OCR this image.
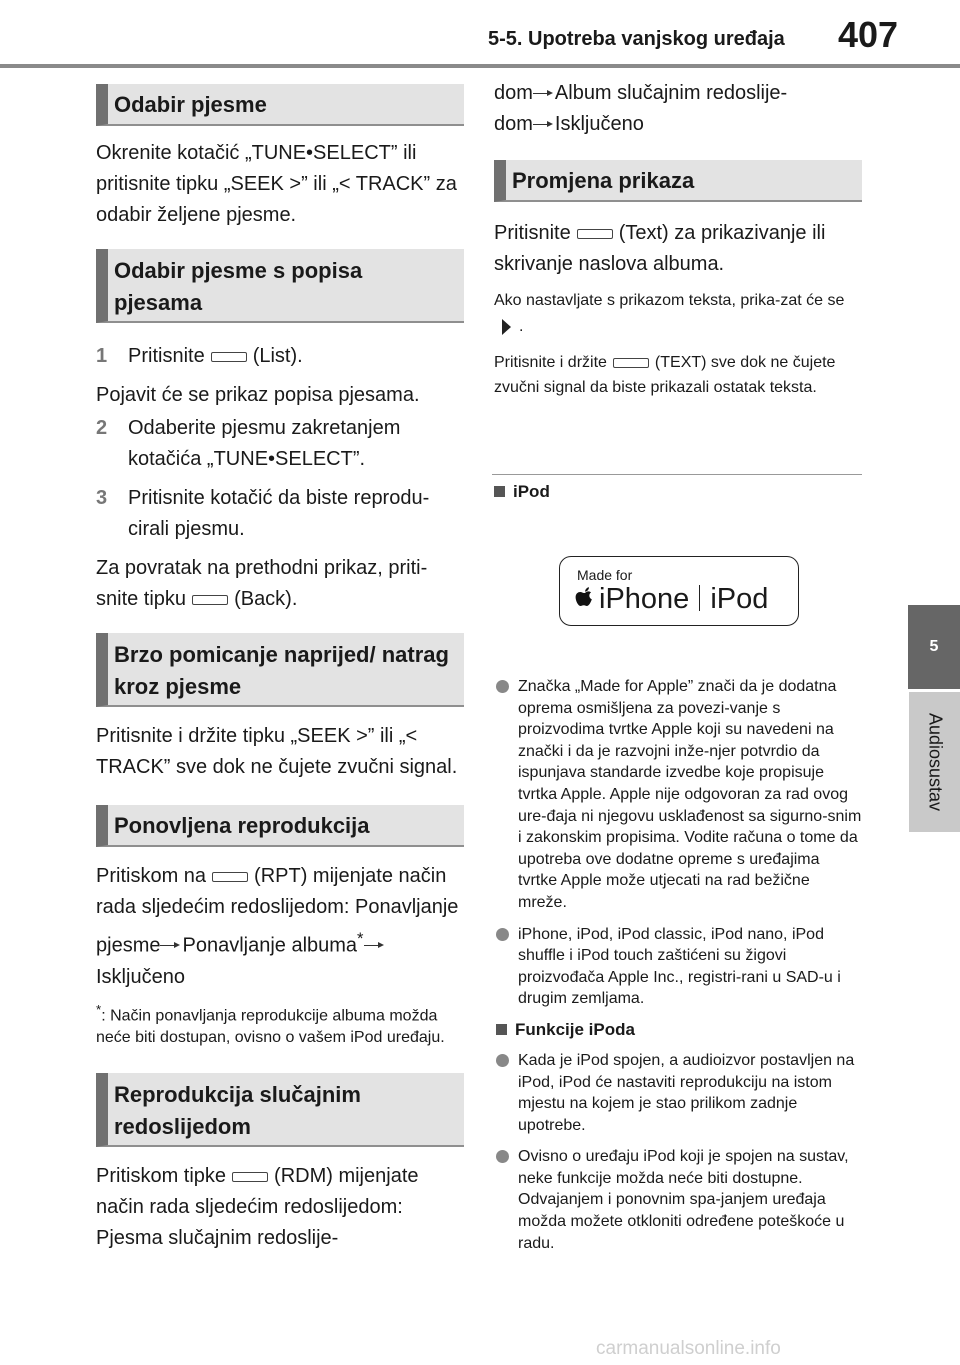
5-5. Upotreba vanjskog uređaja 407
5
Audiosustav
Odabir pjesme

Okrenite kotačić „TUNE•SELECT” ili pritisnite tipku „SEEK >” ili „< TRACK” za odabir željene pjesme.

Odabir pjesme s popisa pjesama
1 Pritisnite (List).

Pojavit će se prikaz popisa pjesama.

2 Odaberite pjesmu zakretanjem kotačića „TUNE•SELECT”.
3 Pritisnite kotačić da biste reprodu-cirali pjesmu.

Za povratak na prethodni prikaz, priti-snite tipku (Back).

Brzo pomicanje naprijed/ natrag kroz pjesme

Pritisnite i držite tipku „SEEK >” ili „< TRACK” sve dok ne čujete zvučni signal.

Ponovljena reprodukcija

Pritiskom na (RPT) mijenjate način rada sljedećim redoslijedom: Ponavljanje pjesme Ponavljanje albuma*Isključeno

*: Način ponavljanja reprodukcije albuma možda neće biti dostupan, ovisno o vašem iPod uređaju.
Reprodukcija slučajnim redoslijedom

Pritiskom tipke (RDM) mijenjate način rada sljedećim redoslijedom: Pjesma slučajnim redoslije-

dom Album slučajnim redoslije-
dom Isključeno

Promjena prikaza

Pritisnite (Text) za prikazivanje ili skrivanje naslova albuma.

Ako nastavljate s prikazom teksta, prika-zat će se .

Pritisnite i držite	(TEXT) sve dok ne čujete zvučni signal da biste prikazali ostatak teksta.

iPod
Made for
iPhone iPod
Značka „Made for Apple” znači da je dodatna oprema osmišljena za povezi-vanje s proizvodima tvrtke Apple koji su navedeni na znački i da je razvojni inže-njer potvrdio da ispunjava standarde izvedbe koje propisuje tvrtka Apple. Apple nije odgovoran za rad ovog ure-đaja ni njegovu usklađenost sa sigurno-snim i zakonskim propisima. Vodite računa o tome da upotreba ove dodatne opreme s uređajima tvrtke Apple može utjecati na rad bežične mreže.
iPhone, iPod, iPod classic, iPod nano, iPod shuffle i iPod touch zaštićeni su žigovi proizvođača Apple Inc., registri-rani u SAD-u i drugim zemljama.
Funkcije iPoda
Kada je iPod spojen, a audioizvor postavljen na iPod, iPod će nastaviti reprodukciju na istom mjestu na kojem je stao prilikom zadnje upotrebe.
Ovisno o uređaju iPod koji je spojen na sustav, neke funkcije možda neće biti dostupne. Odvajanjem i ponovnim spa-janjem uređaja možda možete otkloniti određene poteškoće u radu.
carmanualsonline.info
